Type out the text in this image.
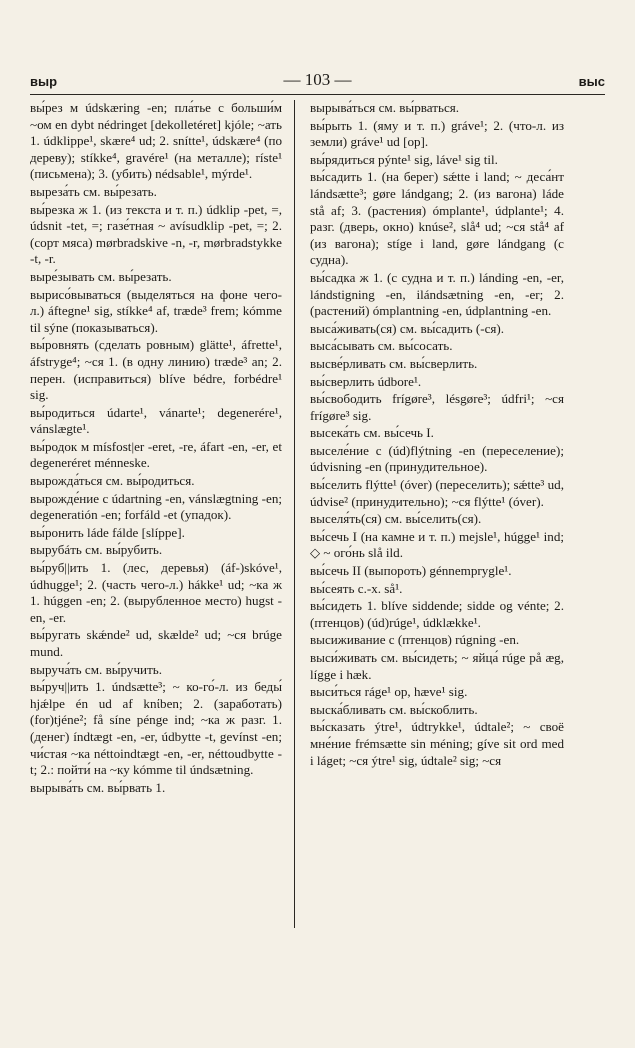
выр	— 103 —	выс
вы́рез м údskæring -en; пла́тье с больши́м ~ом en dybt nédringet [dekolletéret] kjóle; ~ать 1. údklippe¹, skære⁴ ud; 2. snítte¹, údskære⁴ (по дереву); stíkke⁴, gravére¹ (на металле); ríste¹ (письмена); 3. (убить) nédsable¹, mýrde¹.
выреза́ть см. вы́резать.
вы́резка ж 1. (из текста и т. п.) údklip -pet, =, údsnit -tet, =; газе́тная ~ avísudklip -pet, =; 2. (сорт мяса) mørbradskive -n, -r, mørbradstykke -t, -r.
выре́зывать см. вы́резать.
вырисо́вываться (выделяться на фоне чего-л.) áftegne¹ sig, stíkke⁴ af, træde³ frem; kómme til sýne (показываться).
вы́ровнять (сделать ровным) glätte¹, áfrette¹, áfstryge⁴; ~ся 1. (в одну линию) træde³ an; 2. перен. (исправиться) blíve bédre, forbédre¹ sig.
вы́родиться údarte¹, vánarte¹; degenerére¹, vánslægte¹.
вы́родок м mísfost|er -eret, -re, áfart -en, -er, et degeneréret ménneske.
вырожда́ться см. вы́родиться.
вырожде́ние с údartning -en, vánslægtning -en; degeneratión -en; forfáld -et (упадок).
вы́ронить láde fálde [slíppe].
вырубáть см. вы́рубить.
вы́руб||ить 1. (лес, деревья) (áf-)skóve¹, údhugge¹; 2. (часть чего-л.) hákke¹ ud; ~ка ж 1. húggen -en; 2. (вырубленное место) hugst -en, -er.
вы́ругать skǽnde² ud, skælde² ud; ~ся brúge mund.
выруча́ть см. вы́ручить.
вы́руч||ить 1. úndsætte³; ~ ко-го́-л. из беды́ hjǽlpe én ud af knίben; 2. (заработать) (for)tjéne²; få síne pénge ind; ~ка ж разг. 1. (денег) índtægt -en, -er, údbytte -t, gevínst -en; чи́стая ~ка néttoindtægt -en, -er, néttoudbytte -t; 2.: пойти́ на ~ку kómme til úndsætning.
вырыва́ть см. вы́рвать 1.
вырыва́ться см. вы́рваться.
вы́рыть 1. (яму и т. п.) gráve¹; 2. (что-л. из земли) gráve¹ ud [op].
вы́рядиться pýnte¹ sig, láve¹ sig til.
вы́садить 1. (на берег) sǽtte i land; ~ деса́нт lándsætte³; gøre lándgang; 2. (из вагона) láde stå af; 3. (растения) ómplante¹, údplante¹; 4. разг. (дверь, окно) knúse², slå⁴ ud; ~ся stå⁴ af (из вагона); stíge i land, gøre lándgang (с судна).
вы́садка ж 1. (с судна и т. п.) lánding -en, -er, lándstigning -en, ilándsætning -en, -er; 2. (растений) ómplantning -en, údplantning -en.
выса́живать(ся) см. вы́садить (-ся).
выса́сывать см. вы́сосать.
высве́рливать см. вы́сверлить.
вы́сверлить údbore¹.
вы́свободить frígøre³, lésgøre³; údfri¹; ~ся frígøre³ sig.
высека́ть см. вы́сечь I.
выселе́ние с (úd)flýtning -en (переселение); údvisning -en (принудительное).
вы́селить flýtte¹ (óver) (переселить); sǽtte³ ud, údvise² (принудительно); ~ся flýtte¹ (óver).
выселя́ть(ся) см. вы́селить(ся).
вы́сечь I (на камне и т. п.) mejsle¹, húgge¹ ind; ◇ ~ ого́нь slå ild.
вы́сечь II (выпороть) génnemprygle¹.
вы́сеять с.-х. så¹.
вы́сидеть 1. blíve siddende; sidde og vénte; 2. (птенцов) (úd)rúge¹, údklække¹.
высиживание с (птенцов) rúgning -en.
выси́живать см. вы́сидеть; ~ яйца́ rúge på æg, lígge i hæk.
выси́ться ráge¹ op, hæve¹ sig.
выска́бливать см. вы́скоблить.
вы́сказать ýtre¹, údtrykke¹, údtale²; ~ своё мне́ние frémsætte sin méning; gíve sit ord med i láget; ~ся ýtre¹ sig, údtale² sig; ~ся
